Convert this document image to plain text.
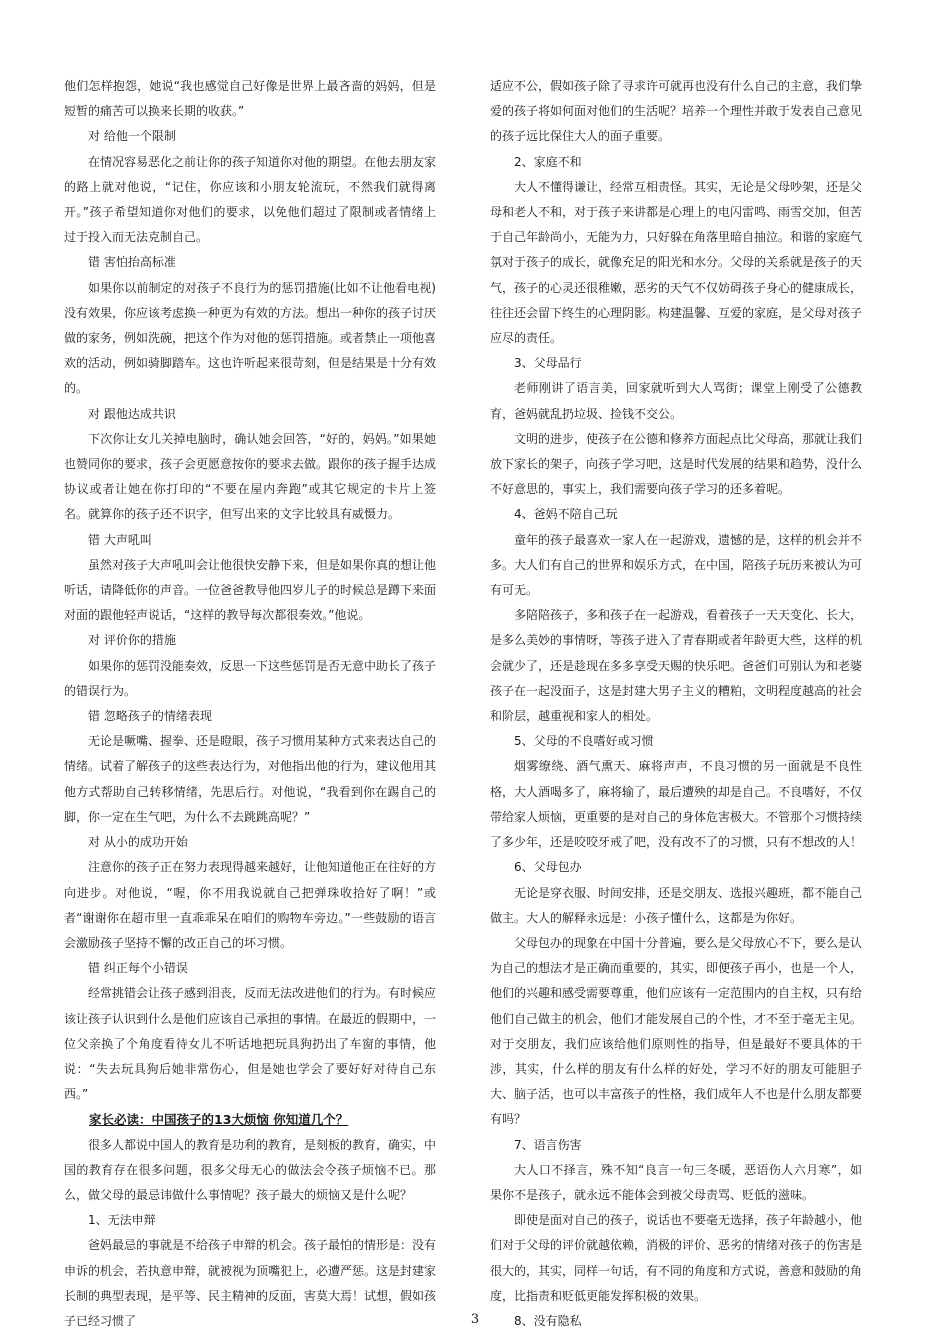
他们怎样抱怨，她说“我也感觉自己好像是世界上最吝啬的妈妈，但是短暂的痛苦可以换来长期的收获。”

对 给他一个限制

在情况容易恶化之前让你的孩子知道你对他的期望。在他去朋友家的路上就对他说，“记住，你应该和小朋友轮流玩，不然我们就得离开。”孩子希望知道你对他们的要求，以免他们超过了限制或者情绪上过于投入而无法克制自己。

错 害怕抬高标准

如果你以前制定的对孩子不良行为的惩罚措施(比如不让他看电视)没有效果，你应该考虑换一种更为有效的方法。想出一种你的孩子讨厌做的家务，例如洗碗，把这个作为对他的惩罚措施。或者禁止一项他喜欢的活动，例如骑脚踏车。这也许听起来很苛刻，但是结果是十分有效的。

对 跟他达成共识

下次你让女儿关掉电脑时，确认她会回答，“好的，妈妈。”如果她也赞同你的要求，孩子会更愿意按你的要求去做。跟你的孩子握手达成协议或者让她在你打印的“不要在屋内奔跑”或其它规定的卡片上签名。就算你的孩子还不识字，但写出来的文字比较具有威慑力。

错 大声吼叫

虽然对孩子大声吼叫会让他很快安静下来，但是如果你真的想让他听话，请降低你的声音。一位爸爸教导他四岁儿子的时候总是蹲下来面对面的跟他轻声说话，“这样的教导每次都很奏效。”他说。

对 评价你的措施

如果你的惩罚没能奏效，反思一下这些惩罚是否无意中助长了孩子的错误行为。

错 忽略孩子的情绪表现

无论是噘嘴、握拳、还是瞪眼，孩子习惯用某种方式来表达自己的情绪。试着了解孩子的这些表达行为，对他指出他的行为，建议他用其他方式帮助自己转移情绪，先思后行。对他说，“我看到你在踢自己的脚，你一定在生气吧，为什么不去跳跳高呢？”

对 从小的成功开始

注意你的孩子正在努力表现得越来越好，让他知道他正在往好的方向进步。对他说，“喔，你不用我说就自己把弹珠收拾好了啊！”或者“谢谢你在超市里一直乖乖呆在咱们的购物车旁边。”一些鼓励的语言会激励孩子坚持不懈的改正自己的坏习惯。

错 纠正每个小错误

经常挑错会让孩子感到泪丧，反而无法改进他们的行为。有时候应该让孩子认识到什么是他们应该自己承担的事情。在最近的假期中，一位父亲换了个角度看待女儿不听话地把玩具狗扔出了车窗的事情，他说：“失去玩具狗后她非常伤心，但是她也学会了要好好对待自己东西。”

家长必读：中国孩子的13大烦恼 你知道几个？

很多人都说中国人的教育是功利的教育，是刻板的教育，确实，中国的教育存在很多问题，很多父母无心的做法会令孩子烦恼不已。那么，做父母的最忌讳做什么事情呢？孩子最大的烦恼又是什么呢？

1、无法申辩

爸妈最忌的事就是不给孩子申辩的机会。孩子最怕的情形是：没有申诉的机会，若执意申辩，就被视为顶嘴犯上，必遭严惩。这是封建家长制的典型表现，是平等、民主精神的反面，害莫大焉！试想，假如孩子已经习惯了

适应不公，假如孩子除了寻求许可就再也没有什么自己的主意，我们挚爱的孩子将如何面对他们的生活呢？培养一个理性并敢于发表自己意见的孩子远比保住大人的面子重要。

2、家庭不和

大人不懂得谦让，经常互相责怪。其实，无论是父母吵架，还是父母和老人不和，对于孩子来讲都是心理上的电闪雷鸣、雨雪交加，但苦于自己年龄尚小，无能为力，只好躲在角落里暗自抽泣。和谐的家庭气氛对于孩子的成长，就像充足的阳光和水分。父母的关系就是孩子的天气，孩子的心灵还很稚嫩，恶劣的天气不仅妨碍孩子身心的健康成长，往往还会留下终生的心理阴影。构建温馨、互爱的家庭，是父母对孩子应尽的责任。

3、父母品行

老师刚讲了语言美，回家就听到大人骂街；课堂上刚受了公德教育，爸妈就乱扔垃圾、捡钱不交公。

文明的进步，使孩子在公德和修养方面起点比父母高，那就让我们放下家长的架子，向孩子学习吧，这是时代发展的结果和趋势，没什么不好意思的，事实上，我们需要向孩子学习的还多着呢。

4、爸妈不陪自己玩

童年的孩子最喜欢一家人在一起游戏，遗憾的是，这样的机会并不多。大人们有自己的世界和娱乐方式，在中国，陪孩子玩历来被认为可有可无。

多陪陪孩子，多和孩子在一起游戏，看着孩子一天天变化、长大，是多么美妙的事情呀，等孩子进入了青春期或者年龄更大些，这样的机会就少了，还是趁现在多多享受天赐的快乐吧。爸爸们可别认为和老婆孩子在一起没面子，这是封建大男子主义的糟粕，文明程度越高的社会和阶层，越重视和家人的相处。

5、父母的不良嗜好或习惯

烟雾缭绕、酒气熏天、麻将声声，不良习惯的另一面就是不良性格，大人酒喝多了，麻将输了，最后遭殃的却是自己。不良嗜好，不仅带给家人烦恼，更重要的是对自己的身体危害极大。不管那个习惯持续了多少年，还是咬咬牙戒了吧，没有改不了的习惯，只有不想改的人！

6、父母包办

无论是穿衣服、时间安排，还是交朋友、选报兴趣班，都不能自己做主。大人的解释永远是：小孩子懂什么，这都是为你好。

父母包办的现象在中国十分普遍，要么是父母放心不下，要么是认为自己的想法才是正确而重要的，其实，即便孩子再小，也是一个人，他们的兴趣和感受需要尊重，他们应该有一定范围内的自主权，只有给他们自己做主的机会，他们才能发展自己的个性，才不至于毫无主见。对于交朋友，我们应该给他们原则性的指导，但是最好不要具体的干涉，其实，什么样的朋友有什么样的好处，学习不好的朋友可能胆子大、脑子活，也可以丰富孩子的性格，我们成年人不也是什么朋友都要有吗？

7、语言伤害

大人口不择言，殊不知“良言一句三冬暖，恶语伤人六月寒”，如果你不是孩子，就永远不能体会到被父母责骂、贬低的滋味。

即使是面对自己的孩子，说话也不要毫无选择，孩子年龄越小，他们对于父母的评价就越依赖，消极的评价、恶劣的情绪对孩子的伤害是很大的，其实，同样一句话，有不同的角度和方式说，善意和鼓励的角度，比指责和贬低更能发挥积极的效果。

8、没有隐私

3
